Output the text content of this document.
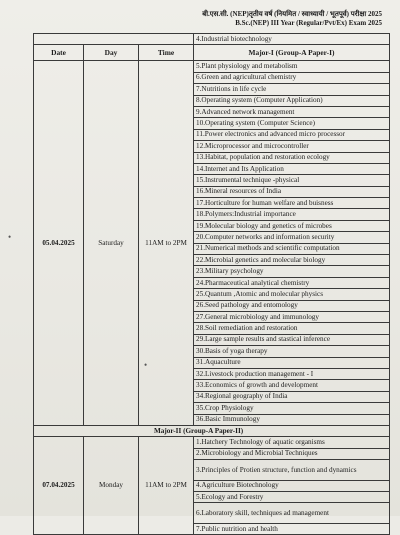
बी.एस.सी. (NEP)तृतीय वर्ष (नियमित / स्वाध्यायी / भूतपूर्व) परीक्षा 2025
B.Sc.(NEP) III Year (Regular/Pvt/Ex) Exam 2025
			4.Industrial biotechnology
Date	Day	Time	Major-I (Group-A Paper-I)
05.04.2025	Saturday	11AM to 2PM	5.Plant physiology and metabolism
			6.Green and agricultural chemistry
			7.Nutritions in life cycle
			8.Operating system (Computer Application)
			9.Advanced network management
			10.Operating system (Computer Science)
			11.Power electronics and advanced micro processor
			12.Microprocessor and microcontroller
			13.Habitat, population and restoration ecology
			14.Internet and Its Application
			15.Instrumental technique -physical
			16.Mineral resources of India
			17.Horticulture for human welfare and buisness
			18.Polymers:Industrial importance
			19.Molecular biology and genetics of microbes
			20.Computer networks and information security
			21.Numerical methods and scientific computation
			22.Microbial genetics and molecular biology
			23.Military psychology
			24.Pharmaceutical analytical chemistry
			25.Quantum ,Atomic and molecular physics
			26.Seed pathology and entomology
			27.General microbiology and immunology
			28.Soil remediation and restoration
			29.Large sample results and stastical inference
			30.Basis of yoga therapy
			31.Aquaculture
			32.Livestock production management - I
			33.Economics of growth and development
			34.Regional geography of India
			35.Crop Physiology
			36.Basic Immunology
Major-II (Group-A Paper-II)			
07.04.2025	Monday	11AM to 2PM	1.Hatchery Technology of aquatic organisms
			2.Microbiology and Microbial Techniques
			3.Principles of Protien structure, function and dynamics
			4.Agriculture Biotechnology
			5.Ecology and Forestry
			6.Laboratory skill, techniques ad management
			7.Public nutrition and health
•
•
